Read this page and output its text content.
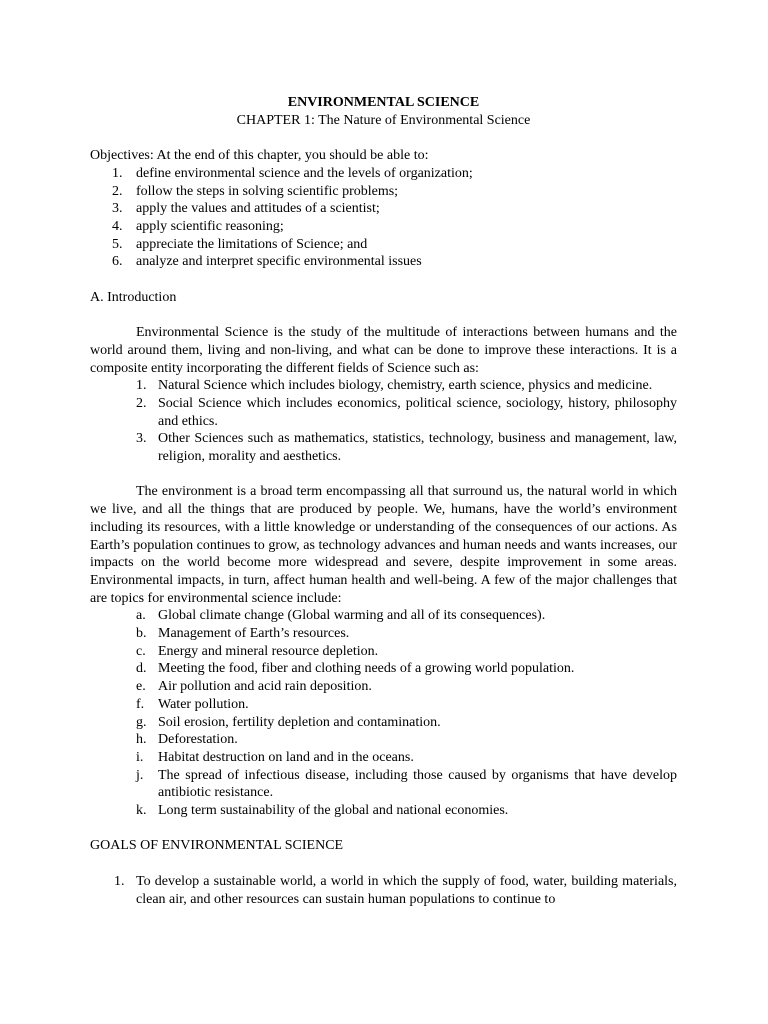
ENVIRONMENTAL SCIENCE

CHAPTER 1: The Nature of Environmental Science

Objectives: At the end of this chapter, you should be able to:

1. define environmental science and the levels of organization;
2. follow the steps in solving scientific problems;
3. apply the values and attitudes of a scientist;
4. apply scientific reasoning;
5. appreciate the limitations of Science; and
6. analyze and interpret specific environmental issues

A. Introduction

Environmental Science is the study of the multitude of interactions between humans and the world around them, living and non-living, and what can be done to improve these interactions. It is a composite entity incorporating the different fields of Science such as:

1. Natural Science which includes biology, chemistry, earth science, physics and medicine.
2. Social Science which includes economics, political science, sociology, history, philosophy and ethics.
3. Other Sciences such as mathematics, statistics, technology, business and management, law, religion, morality and aesthetics.

The environment is a broad term encompassing all that surround us, the natural world in which we live, and all the things that are produced by people. We, humans, have the world’s environment including its resources, with a little knowledge or understanding of the consequences of our actions. As Earth’s population continues to grow, as technology advances and human needs and wants increases, our impacts on the world become more widespread and severe, despite improvement in some areas. Environmental impacts, in turn, affect human health and well-being. A few of the major challenges that are topics for environmental science include:

a. Global climate change (Global warming and all of its consequences).
b. Management of Earth’s resources.
c. Energy and mineral resource depletion.
d. Meeting the food, fiber and clothing needs of a growing world population.
e. Air pollution and acid rain deposition.
f. Water pollution.
g. Soil erosion, fertility depletion and contamination.
h. Deforestation.
i. Habitat destruction on land and in the oceans.
j. The spread of infectious disease, including those caused by organisms that have develop antibiotic resistance.
k. Long term sustainability of the global and national economies.

GOALS OF ENVIRONMENTAL SCIENCE

1. To develop a sustainable world, a world in which the supply of food, water, building materials, clean air, and other resources can sustain human populations to continue to
